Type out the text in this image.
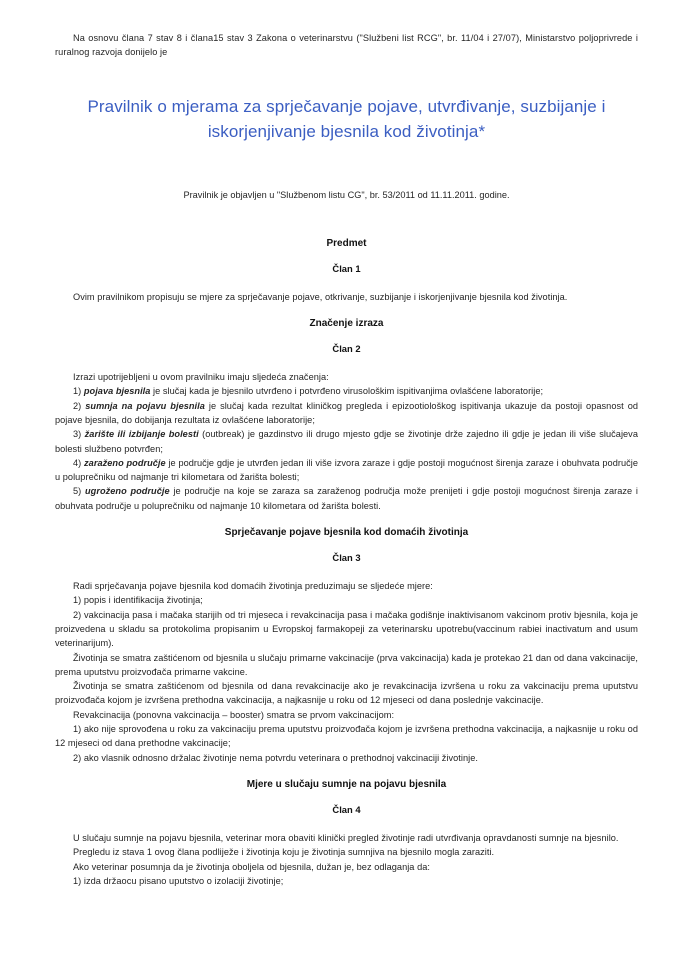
Na osnovu člana 7 stav 8 i člana15 stav 3 Zakona o veterinarstvu ("Službeni list RCG", br. 11/04 i 27/07), Ministarstvo poljoprivrede i ruralnog razvoja donijelo je

Pravilnik o mjerama za sprječavanje pojave, utvrđivanje, suzbijanje i iskorjenjivanje bjesnila kod životinja*

Pravilnik je objavljen u "Službenom listu CG", br. 53/2011 od 11.11.2011. godine.

Predmet
Član 1

Ovim pravilnikom propisuju se mjere za sprječavanje pojave, otkrivanje, suzbijanje i iskorjenjivanje bjesnila kod životinja.

Značenje izraza
Član 2

Izrazi upotrijebljeni u ovom pravilniku imaju sljedeća značenja:

1) pojava bjesnila je slučaj kada je bjesnilo utvrđeno i potvrđeno virusološkim ispitivanjima ovlašćene laboratorije;

2) sumnja na pojavu bjesnila je slučaj kada rezultat kliničkog pregleda i epizootiološkog ispitivanja ukazuje da postoji opasnost od pojave bjesnila, do dobijanja rezultata iz ovlašćene laboratorije;

3) žarište ili izbijanje bolesti (outbreak) je gazdinstvo ili drugo mjesto gdje se životinje drže zajedno ili gdje je jedan ili više slučajeva bolesti službeno potvrđen;

4) zaraženo područje je područje gdje je utvrđen jedan ili više izvora zaraze i gdje postoji mogućnost širenja zaraze i obuhvata područje u poluprečniku od najmanje tri kilometara od žarišta bolesti;

5) ugroženo područje je područje na koje se zaraza sa zaraženog područja može prenijeti i gdje postoji mogućnost širenja zaraze i obuhvata područje u poluprečniku od najmanje 10 kilometara od žarišta bolesti.

Sprječavanje pojave bjesnila kod domaćih životinja
Član 3

Radi sprječavanja pojave bjesnila kod domaćih životinja preduzimaju se sljedeće mjere:

1) popis i identifikacija životinja;

2) vakcinacija pasa i mačaka starijih od tri mjeseca i revakcinacija pasa i mačaka godišnje inaktivisanom vakcinom protiv bjesnila, koja je proizvedena u skladu sa protokolima propisanim u Evropskoj farmakopeji za veterinarsku upotrebu(vaccinum rabiei inactivatum and usum veterinarijum).

Životinja se smatra zaštićenom od bjesnila u slučaju primarne vakcinacije (prva vakcinacija) kada je protekao 21 dan od dana vakcinacije, prema uputstvu proizvođača primarne vakcine.

Životinja se smatra zaštićenom od bjesnila od dana revakcinacije ako je revakcinacija izvršena u roku za vakcinaciju prema uputstvu proizvođača kojom je izvršena prethodna vakcinacija, a najkasnije u roku od 12 mjeseci od dana poslednje vakcinacije.

Revakcinacija (ponovna vakcinacija – booster) smatra se prvom vakcinacijom:

1) ako nije sprovođena u roku za vakcinaciju prema uputstvu proizvođača kojom je izvršena prethodna vakcinacija, a najkasnije u roku od 12 mjeseci od dana prethodne vakcinacije;

2) ako vlasnik odnosno držalac životinje nema potvrdu veterinara o prethodnoj vakcinaciji životinje.

Mjere u slučaju sumnje na pojavu bjesnila
Član 4

U slučaju sumnje na pojavu bjesnila, veterinar mora obaviti klinički pregled životinje radi utvrđivanja opravdanosti sumnje na bjesnilo.

Pregledu iz stava 1 ovog člana podliježe i životinja koju je životinja sumnjiva na bjesnilo mogla zaraziti.

Ako veterinar posumnja da je životinja oboljela od bjesnila, dužan je, bez odlaganja da:

1) izda držaocu pisano uputstvo o izolaciji životinje;
